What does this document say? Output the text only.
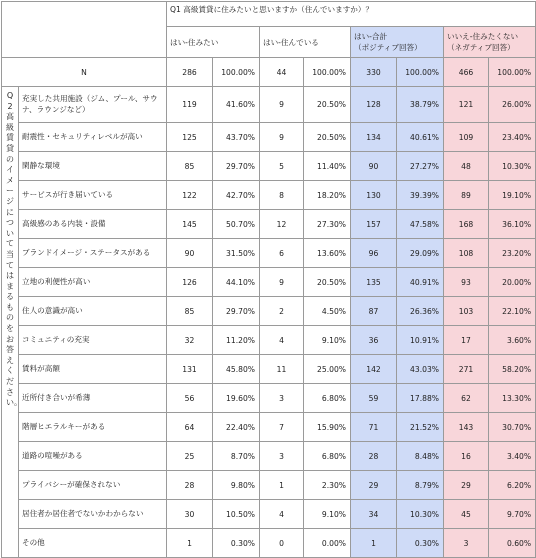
		Q1 高級賃貸に住みたいと思いますか（住んでいますか）？							
		はい-住みたい		はい-住んでいる		はい-合計
（ポジティブ回答）		いいえ-住みたくない
（ネガティブ回答）	
N		286	100.00%	44	100.00%	330	100.00%	466	100.00%
Q2 高級賃貸のイメージについて当てはまるものをお答えください。	充実した共用施設（ジム、プール、サウナ、ラウンジなど）	119	41.60%	9	20.50%	128	38.79%	121	26.00%
	耐震性・セキュリティレベルが高い	125	43.70%	9	20.50%	134	40.61%	109	23.40%
	閑静な環境	85	29.70%	5	11.40%	90	27.27%	48	10.30%
	サービスが行き届いている	122	42.70%	8	18.20%	130	39.39%	89	19.10%
	高級感のある内装・設備	145	50.70%	12	27.30%	157	47.58%	168	36.10%
	ブランドイメージ・ステータスがある	90	31.50%	6	13.60%	96	29.09%	108	23.20%
	立地の利便性が高い	126	44.10%	9	20.50%	135	40.91%	93	20.00%
	住人の意識が高い	85	29.70%	2	4.50%	87	26.36%	103	22.10%
	コミュニティの充実	32	11.20%	4	9.10%	36	10.91%	17	3.60%
	賃料が高額	131	45.80%	11	25.00%	142	43.03%	271	58.20%
	近所付き合いが希薄	56	19.60%	3	6.80%	59	17.88%	62	13.30%
	階層ヒエラルキーがある	64	22.40%	7	15.90%	71	21.52%	143	30.70%
	道路の喧噪がある	25	8.70%	3	6.80%	28	8.48%	16	3.40%
	プライバシーが確保されない	28	9.80%	1	2.30%	29	8.79%	29	6.20%
	居住者か居住者でないかわからない	30	10.50%	4	9.10%	34	10.30%	45	9.70%
	その他	1	0.30%	0	0.00%	1	0.30%	3	0.60%
